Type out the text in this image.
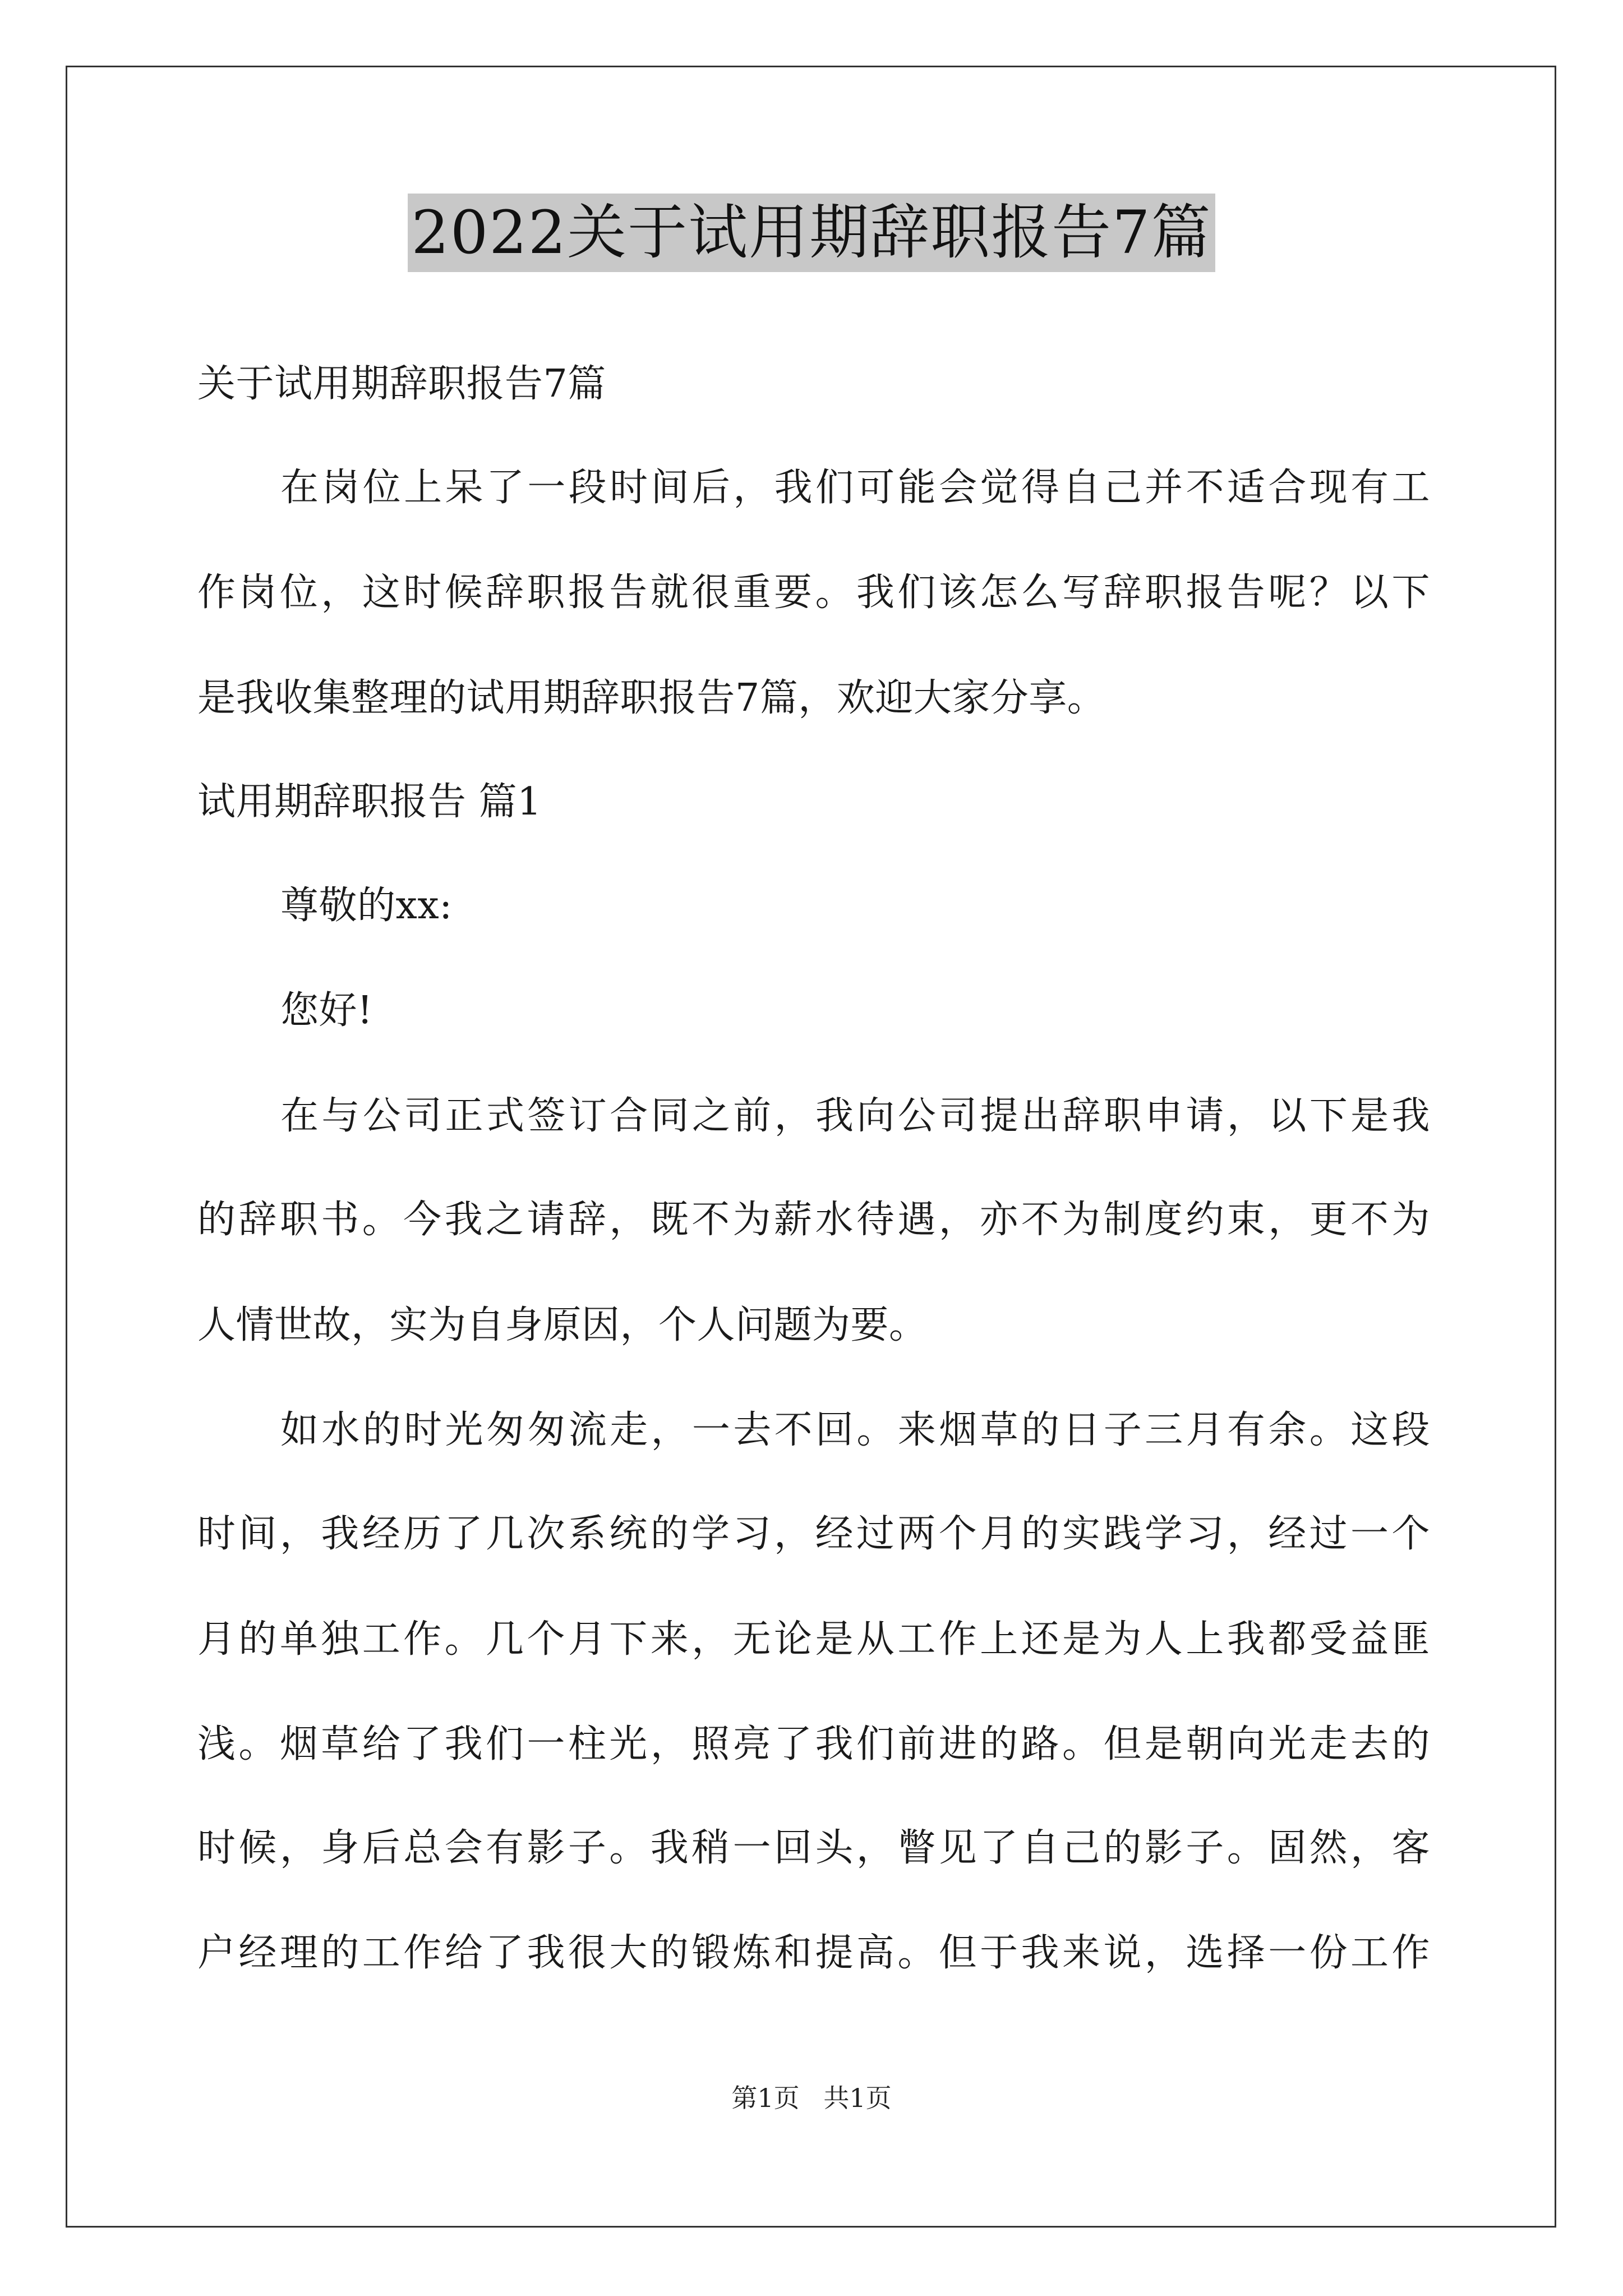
2022关于试用期辞职报告7篇
关于试用期辞职报告7篇
在岗位上呆了一段时间后，我们可能会觉得自己并不适合现有工
作岗位，这时候辞职报告就很重要。我们该怎么写辞职报告呢？以下
是我收集整理的试用期辞职报告7篇，欢迎大家分享。
试用期辞职报告 篇1
尊敬的xx:
您好!
在与公司正式签订合同之前，我向公司提出辞职申请，以下是我
的辞职书。今我之请辞，既不为薪水待遇，亦不为制度约束，更不为
人情世故，实为自身原因，个人问题为要。
如水的时光匆匆流走，一去不回。来烟草的日子三月有余。这段
时间，我经历了几次系统的学习，经过两个月的实践学习，经过一个
月的单独工作。几个月下来，无论是从工作上还是为人上我都受益匪
浅。烟草给了我们一柱光，照亮了我们前进的路。但是朝向光走去的
时候，身后总会有影子。我稍一回头，瞥见了自己的影子。固然，客
户经理的工作给了我很大的锻炼和提高。但于我来说，选择一份工作
第1页 共1页
